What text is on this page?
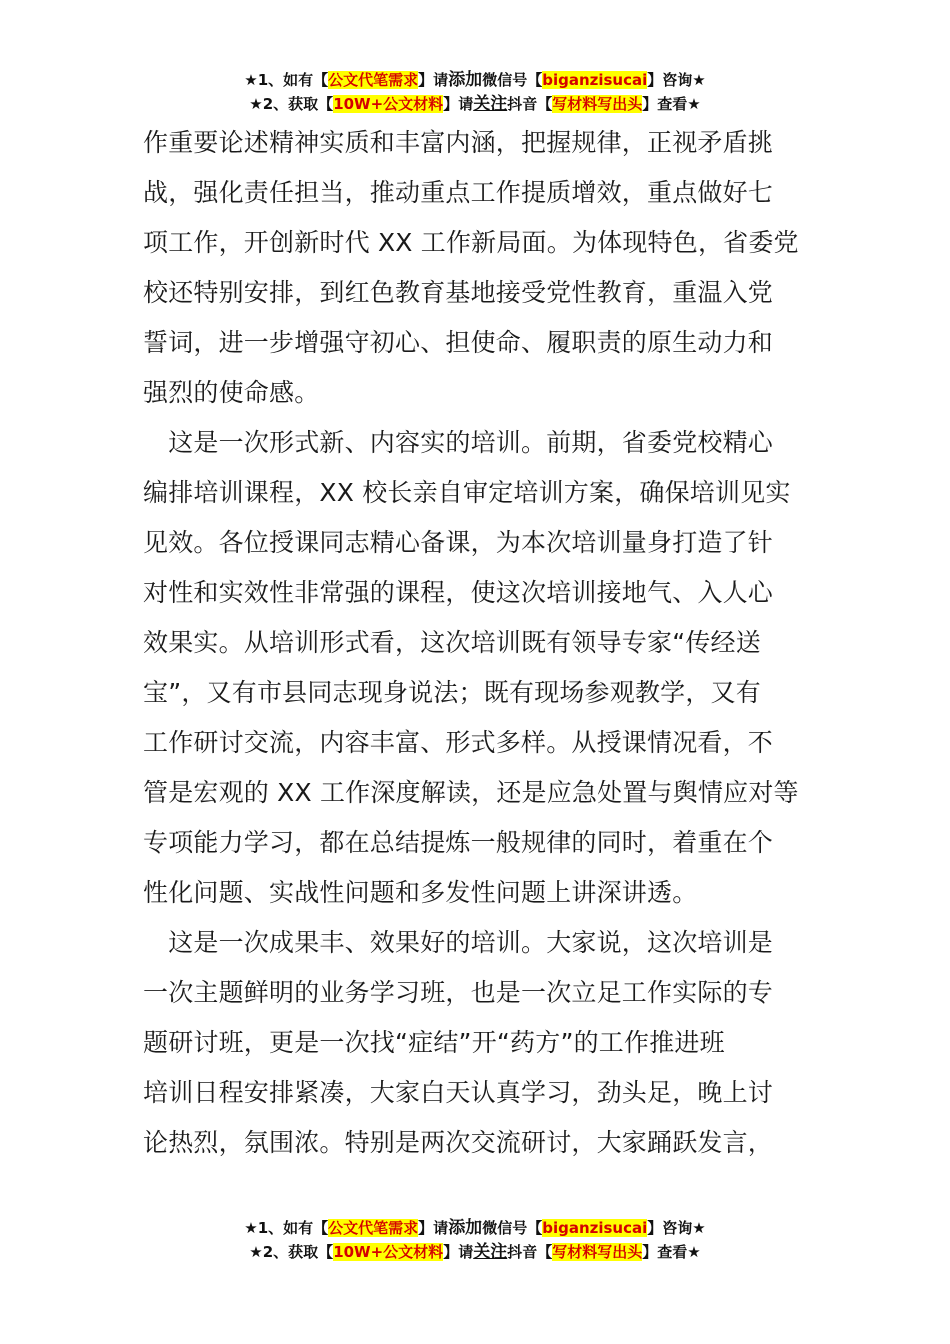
★1、如有【公文代笔需求】请添加微信号【biganzisucai】咨询★
★2、获取【10W+公文材料】请关注抖音【写材料写出头】查看★
作重要论述精神实质和丰富内涵，把握规律，正视矛盾挑
战，强化责任担当，推动重点工作提质增效，重点做好七
项工作，开创新时代 XX 工作新局面。为体现特色，省委党
校还特别安排，到红色教育基地接受党性教育，重温入党
誓词，进一步增强守初心、担使命、履职责的原生动力和
强烈的使命感。
　这是一次形式新、内容实的培训。前期，省委党校精心
编排培训课程，XX 校长亲自审定培训方案，确保培训见实
见效。各位授课同志精心备课，为本次培训量身打造了针
对性和实效性非常强的课程，使这次培训接地气、入人心
效果实。从培训形式看，这次培训既有领导专家“传经送
宝”，又有市县同志现身说法；既有现场参观教学，又有
工作研讨交流，内容丰富、形式多样。从授课情况看，不
管是宏观的 XX 工作深度解读，还是应急处置与舆情应对等
专项能力学习，都在总结提炼一般规律的同时，着重在个
性化问题、实战性问题和多发性问题上讲深讲透。
　这是一次成果丰、效果好的培训。大家说，这次培训是
一次主题鲜明的业务学习班，也是一次立足工作实际的专
题研讨班，更是一次找“症结”开“药方”的工作推进班
培训日程安排紧凑，大家白天认真学习，劲头足，晚上讨
论热烈，氛围浓。特别是两次交流研讨，大家踊跃发言，
★1、如有【公文代笔需求】请添加微信号【biganzisucai】咨询★
★2、获取【10W+公文材料】请关注抖音【写材料写出头】查看★
